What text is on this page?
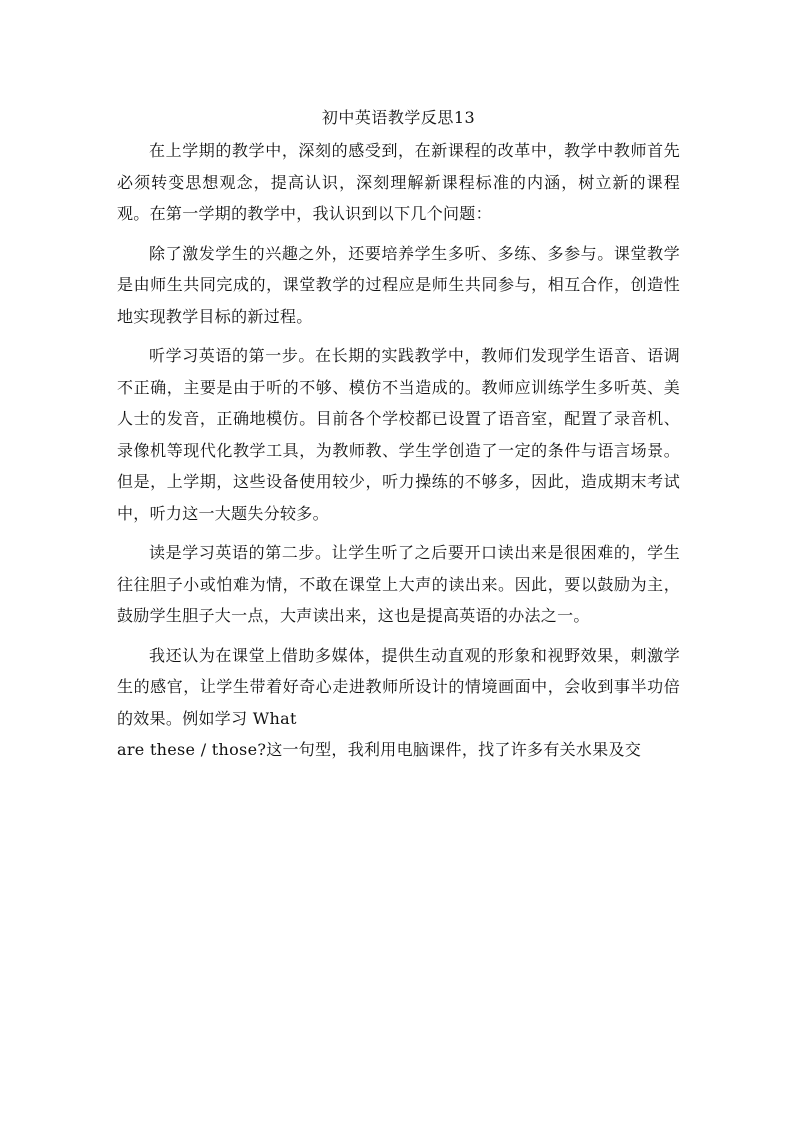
初中英语教学反思13

在上学期的教学中，深刻的感受到，在新课程的改革中，教学中教师首先必须转变思想观念，提高认识，深刻理解新课程标准的内涵，树立新的课程观。在第一学期的教学中，我认识到以下几个问题：

除了激发学生的兴趣之外，还要培养学生多听、多练、多参与。课堂教学是由师生共同完成的，课堂教学的过程应是师生共同参与，相互合作，创造性地实现教学目标的新过程。

听学习英语的第一步。在长期的实践教学中，教师们发现学生语音、语调不正确，主要是由于听的不够、模仿不当造成的。教师应训练学生多听英、美人士的发音，正确地模仿。目前各个学校都已设置了语音室，配置了录音机、录像机等现代化教学工具，为教师教、学生学创造了一定的条件与语言场景。但是，上学期，这些设备使用较少，听力操练的不够多，因此，造成期末考试中，听力这一大题失分较多。

读是学习英语的第二步。让学生听了之后要开口读出来是很困难的，学生往往胆子小或怕难为情，不敢在课堂上大声的读出来。因此，要以鼓励为主，鼓励学生胆子大一点，大声读出来，这也是提高英语的办法之一。

我还认为在课堂上借助多媒体，提供生动直观的形象和视野效果，刺激学生的感官，让学生带着好奇心走进教师所设计的情境画面中，会收到事半功倍的效果。例如学习 What

are these / those?这一句型，我利用电脑课件，找了许多有关水果及交
